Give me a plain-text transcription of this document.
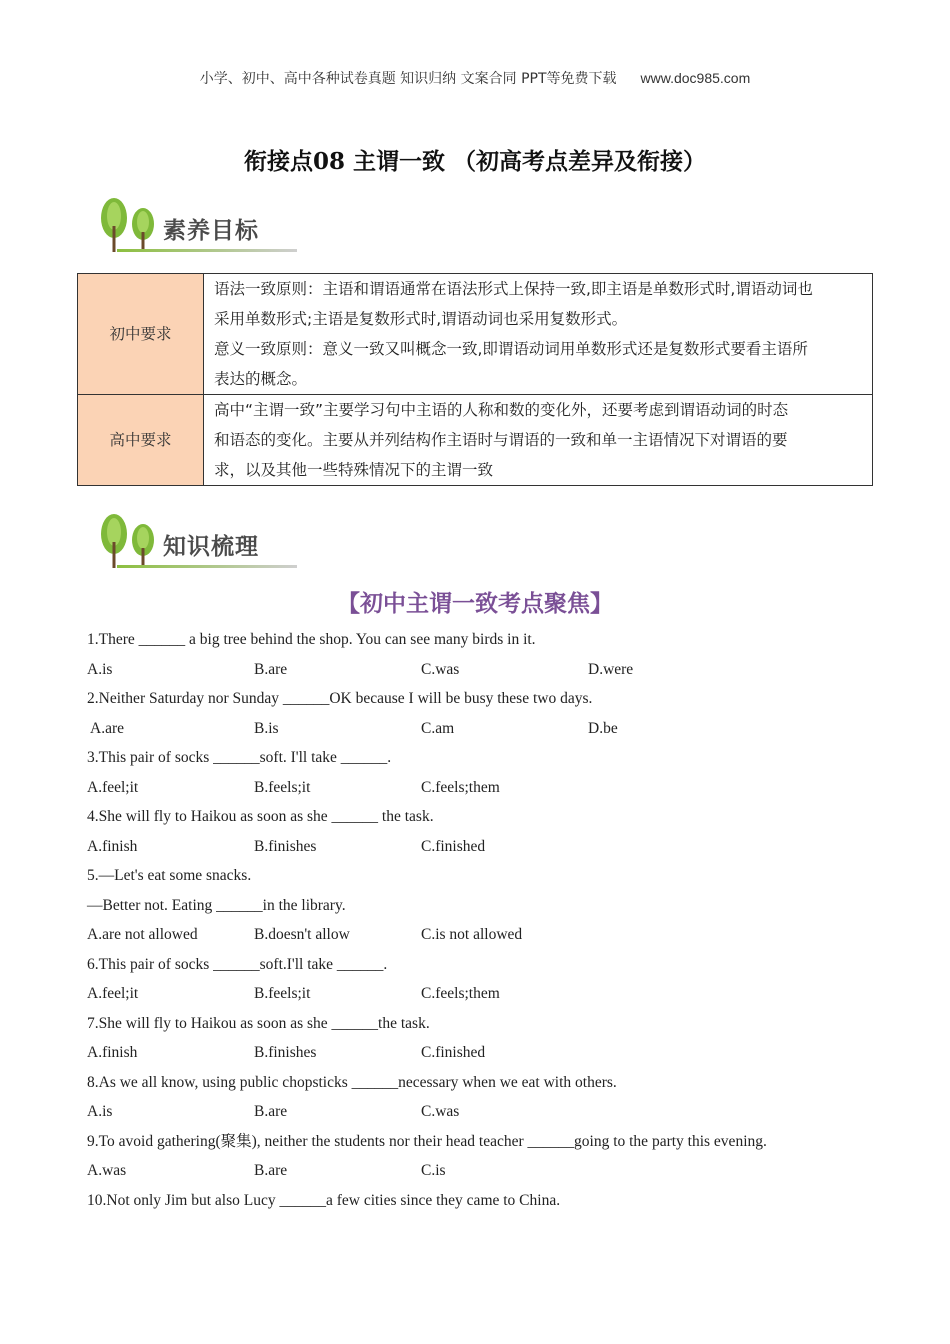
小学、初中、高中各种试卷真题 知识归纳 文案合同 PPT等免费下载 www.doc985.com
衔接点08 主谓一致 （初高考点差异及衔接）
素养目标
初中要求	语法一致原则：主语和谓语通常在语法形式上保持一致,即主语是单数形式时,谓语动词也
采用单数形式;主语是复数形式时,谓语动词也采用复数形式。
意义一致原则：意义一致又叫概念一致,即谓语动词用单数形式还是复数形式要看主语所
表达的概念。

高中要求	高中“主谓一致”主要学习句中主语的人称和数的变化外，还要考虑到谓语动词的时态
和语态的变化。主要从并列结构作主语时与谓语的一致和单一主语情况下对谓语的要
求，以及其他一些特殊情况下的主谓一致
知识梳理
【初中主谓一致考点聚焦】
1.There ______ a big tree behind the shop. You can see many birds in it.
A.is	B.are	C.was	D.were
2.Neither Saturday nor Sunday ______OK because I will be busy these two days.
A.are	B.is	C.am	D.be
3.This pair of socks ______soft. I'll take ______.
A.feel;it	B.feels;it	C.feels;them
4.She will fly to Haikou as soon as she ______ the task.
A.finish	B.finishes	C.finished
5.—Let's eat some snacks.
—Better not. Eating ______in the library.
A.are not allowed	B.doesn't allow	C.is not allowed
6.This pair of socks ______soft.I'll take ______.
A.feel;it	B.feels;it	C.feels;them
7.She will fly to Haikou as soon as she ______the task.
A.finish	B.finishes	C.finished
8.As we all know, using public chopsticks ______necessary when we eat with others.
A.is	B.are	C.was
9.To avoid gathering(聚集), neither the students nor their head teacher ______going to the party this evening.
A.was	B.are	C.is
10.Not only Jim but also Lucy ______a few cities since they came to China.
